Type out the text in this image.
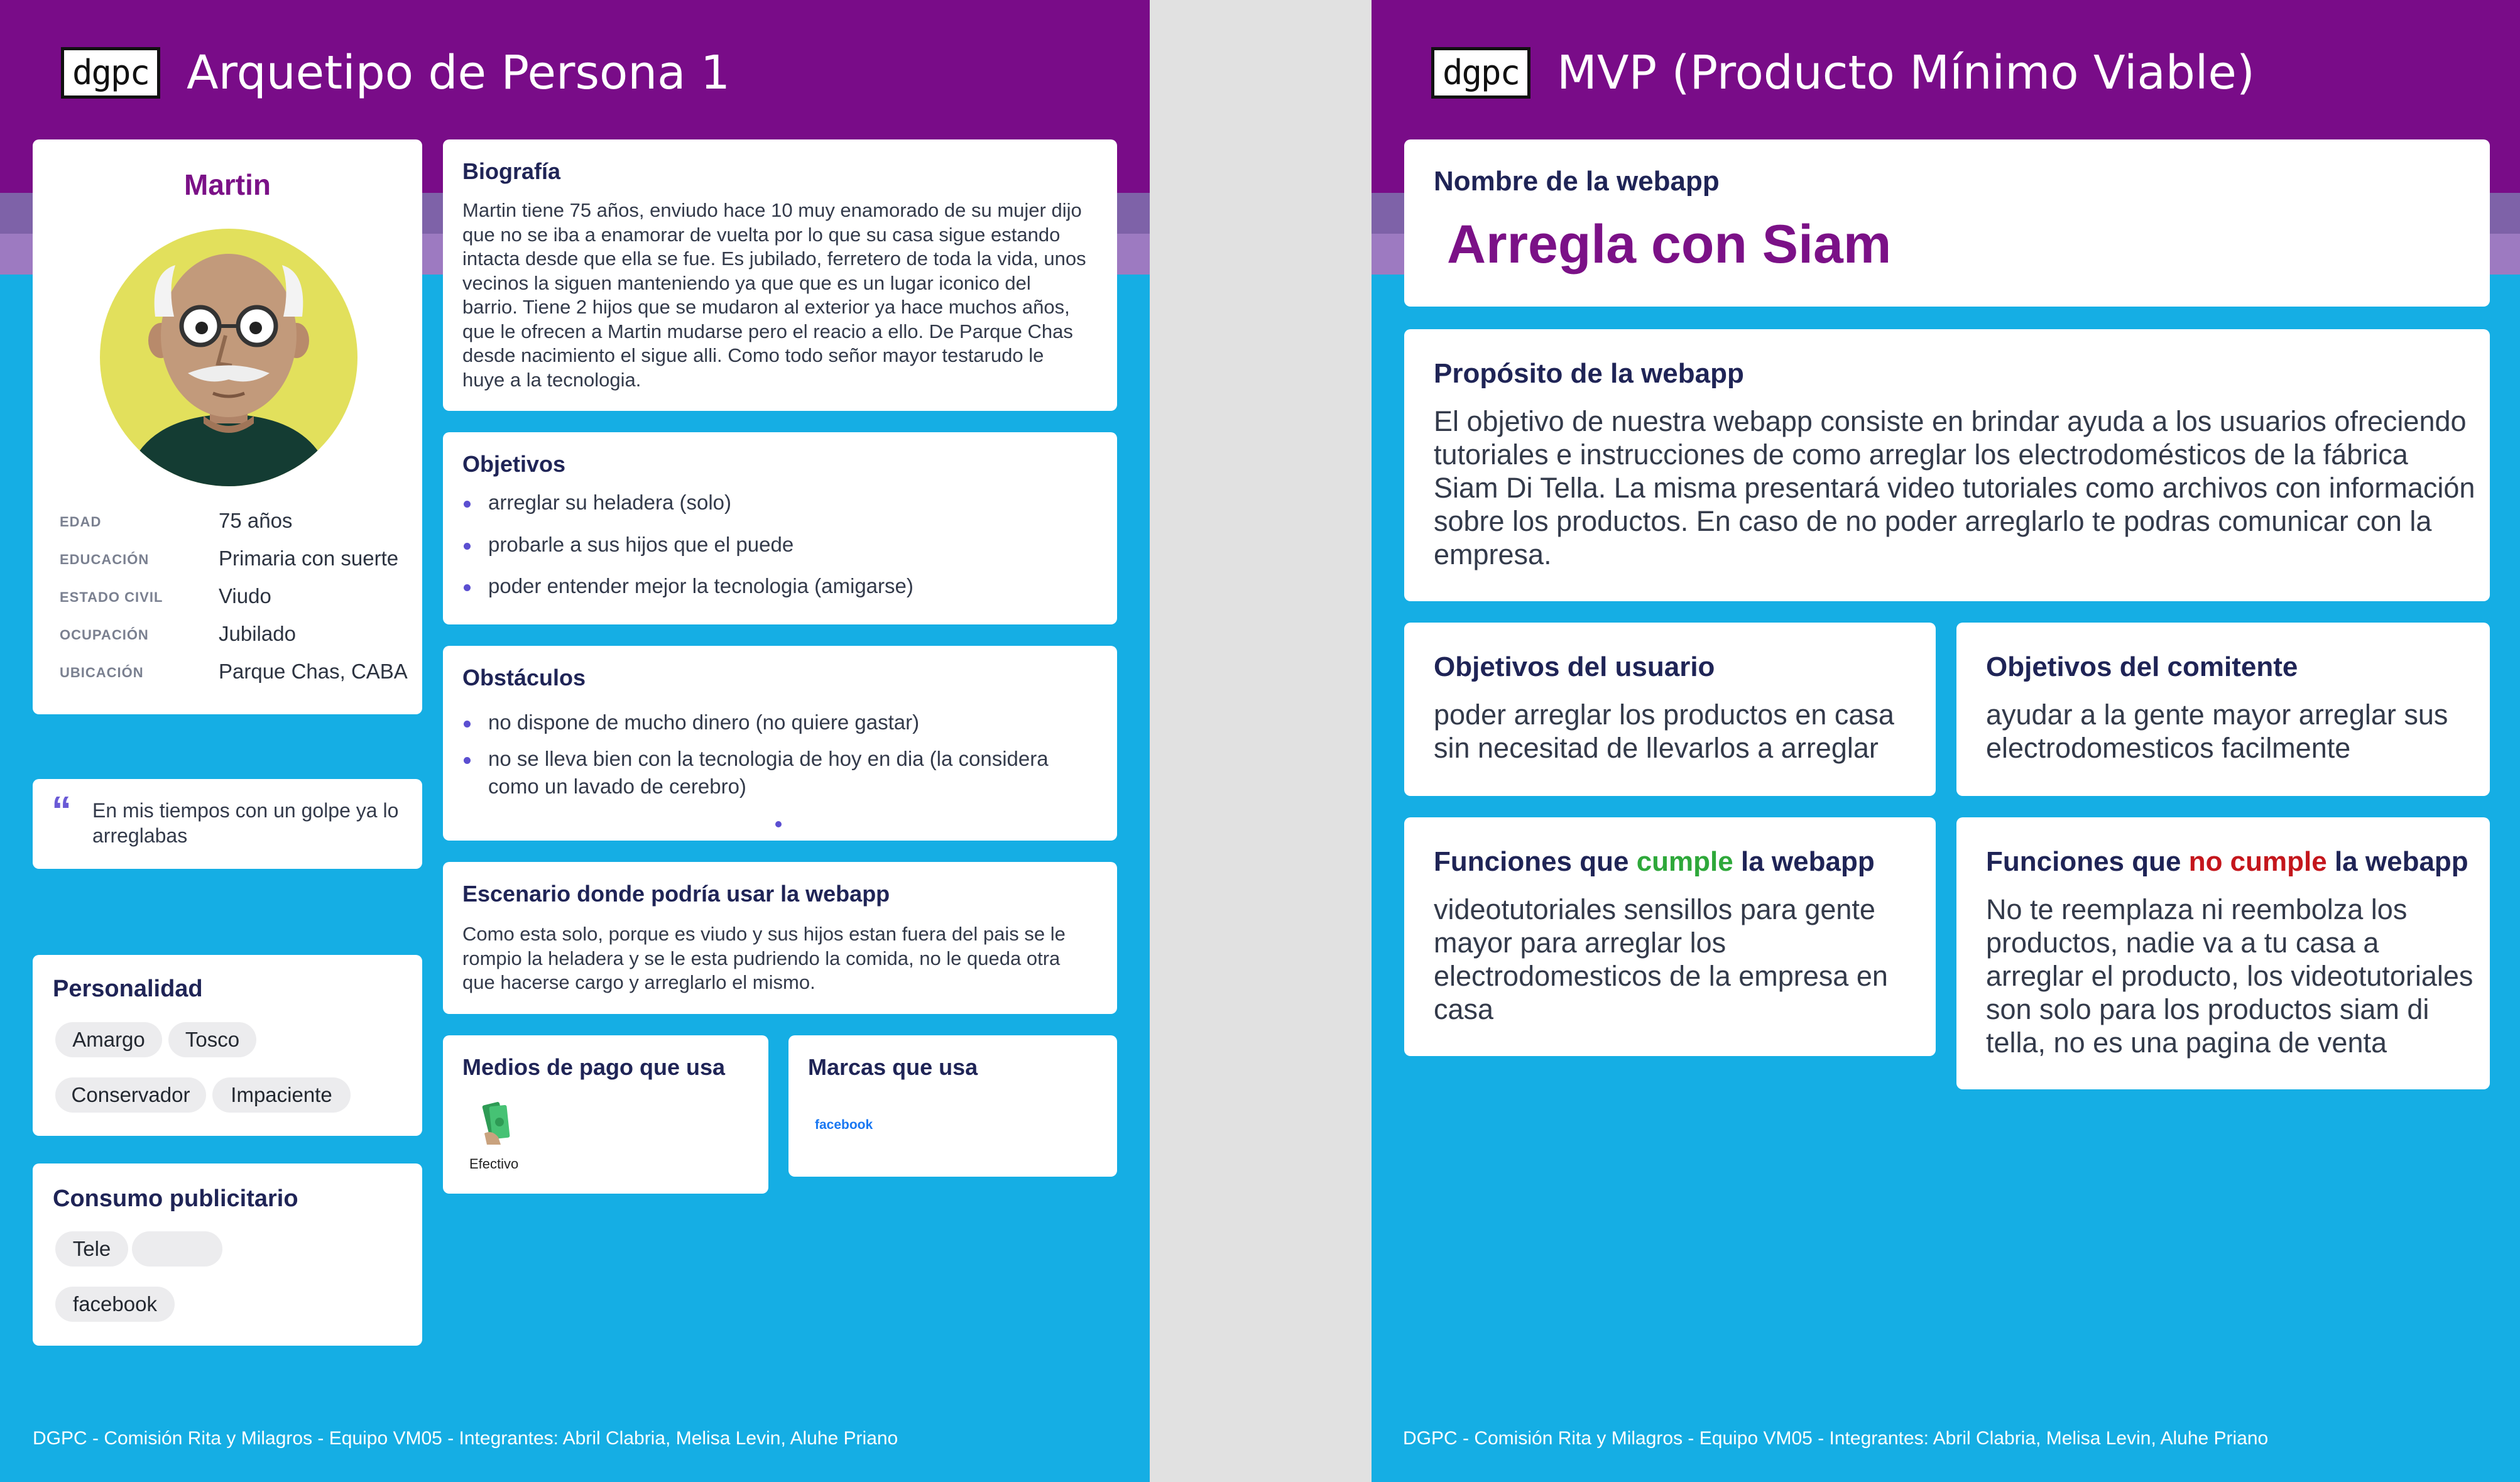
dgpc Arquetipo de Persona 1
Martin
EDAD	75 años
EDUCACIÓN	Primaria con suerte
ESTADO CIVIL	Viudo
OCUPACIÓN	Jubilado
UBICACIÓN	Parque Chas, CABA
“ En mis tiempos con un golpe ya lo arreglabas
Personalidad
Amargo	Tosco
Conservador	Impaciente
Consumo publicitario
Tele
facebook
Biografía
Martin tiene 75 años, enviudo hace 10 muy enamorado de su mujer dijo que no se iba a enamorar de vuelta por lo que su casa sigue estando intacta desde que ella se fue. Es jubilado, ferretero de toda la vida, unos vecinos la siguen manteniendo ya que que es un lugar iconico del barrio. Tiene 2 hijos que se mudaron al exterior ya hace muchos años, que le ofrecen a Martin mudarse pero el reacio a ello. De Parque Chas desde nacimiento el sigue alli. Como todo señor mayor testarudo le huye a la tecnologia.
Objetivos
arreglar su heladera (solo)
probarle a sus hijos que el puede
poder entender mejor la tecnologia (amigarse)
Obstáculos
no dispone de mucho dinero (no quiere gastar)
no se lleva bien con la tecnologia de hoy en dia (la considera como un lavado de cerebro)
Escenario donde podría usar la webapp
Como esta solo, porque es viudo y sus hijos estan fuera del pais se le rompio la heladera y se le esta pudriendo la comida, no le queda otra que hacerse cargo y arreglarlo el mismo.
Medios de pago que usa
Efectivo
Marcas que usa
facebook
DGPC - Comisión Rita y Milagros - Equipo VM05 - Integrantes: Abril Clabria, Melisa Levin, Aluhe Priano
dgpc MVP (Producto Mínimo Viable)
Nombre de la webapp
Arregla con Siam
Propósito de la webapp
El objetivo de nuestra webapp consiste en brindar ayuda a los usuarios ofreciendo tutoriales e instrucciones de como arreglar los electrodomésticos de la fábrica Siam Di Tella. La misma presentará video tutoriales como archivos con información sobre los productos. En caso de no poder arreglarlo te podras comunicar con la empresa.
Objetivos del usuario
poder arreglar los productos en casa sin necesitad de llevarlos a arreglar
Objetivos del comitente
ayudar a la gente mayor arreglar sus electrodomesticos facilmente
Funciones que cumple la webapp
videotutoriales sensillos para gente mayor para arreglar los electrodomesticos de la empresa en casa
Funciones que no cumple la webapp
No te reemplaza ni reembolza los productos, nadie va a tu casa a arreglar el producto, los videotutoriales son solo para los productos siam di tella, no es una pagina de venta
DGPC - Comisión Rita y Milagros - Equipo VM05 - Integrantes: Abril Clabria, Melisa Levin, Aluhe Priano
